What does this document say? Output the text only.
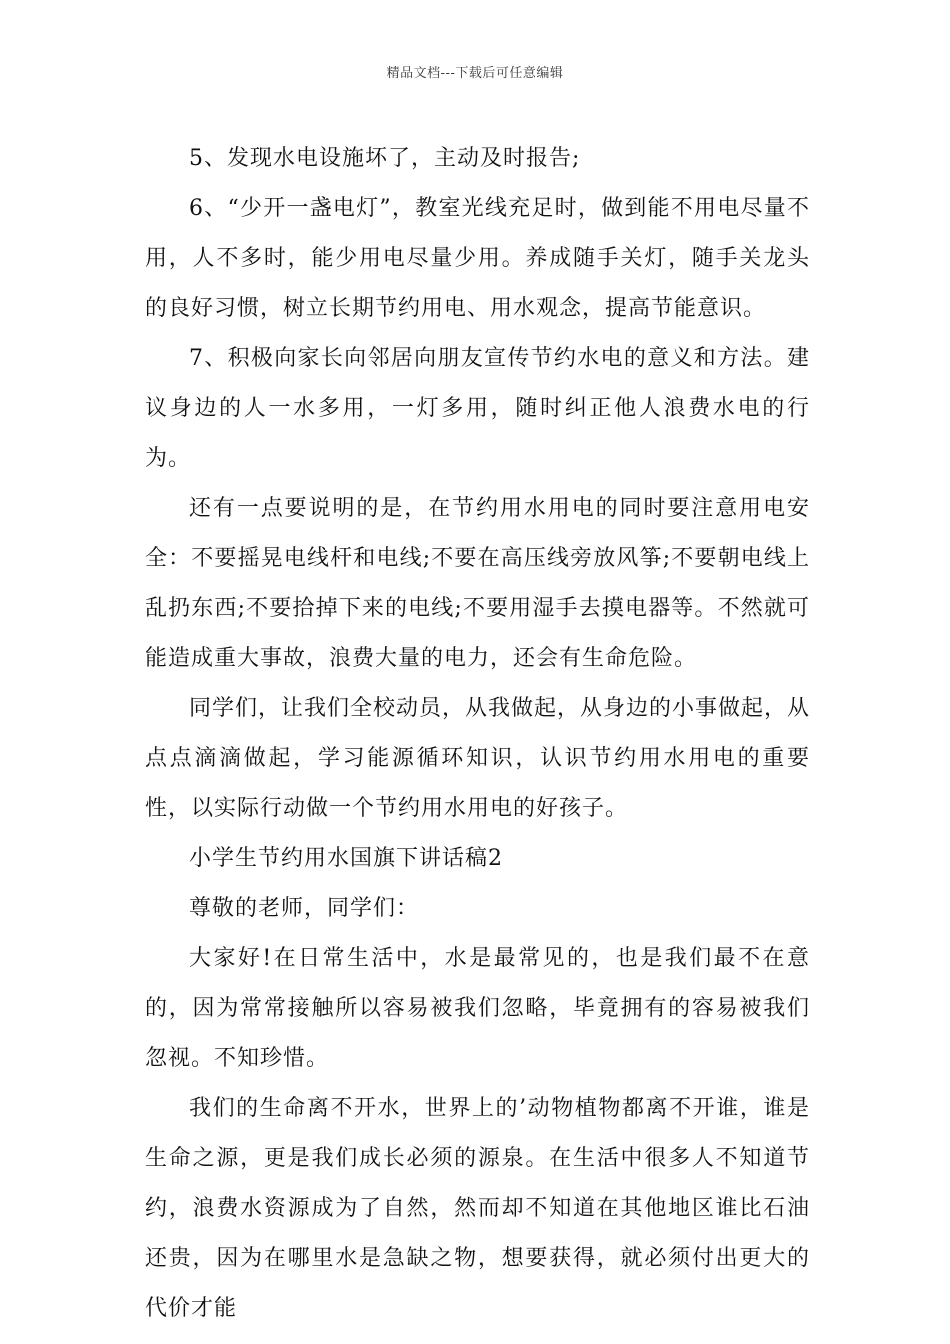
精品文档---下载后可任意编辑

5、发现水电设施坏了，主动及时报告;

6、“少开一盏电灯”，教室光线充足时，做到能不用电尽量不用，人不多时，能少用电尽量少用。养成随手关灯，随手关龙头的良好习惯，树立长期节约用电、用水观念，提高节能意识。

7、积极向家长向邻居向朋友宣传节约水电的意义和方法。建议身边的人一水多用，一灯多用，随时纠正他人浪费水电的行为。

还有一点要说明的是，在节约用水用电的同时要注意用电安全：不要摇晃电线杆和电线;不要在高压线旁放风筝;不要朝电线上乱扔东西;不要拾掉下来的电线;不要用湿手去摸电器等。不然就可能造成重大事故，浪费大量的电力，还会有生命危险。

同学们，让我们全校动员，从我做起，从身边的小事做起，从点点滴滴做起，学习能源循环知识，认识节约用水用电的重要性，以实际行动做一个节约用水用电的好孩子。

小学生节约用水国旗下讲话稿2

尊敬的老师，同学们：

大家好!在日常生活中，水是最常见的，也是我们最不在意的，因为常常接触所以容易被我们忽略，毕竟拥有的容易被我们忽视。不知珍惜。

我们的生命离不开水，世界上的’动物植物都离不开谁，谁是生命之源，更是我们成长必须的源泉。在生活中很多人不知道节约，浪费水资源成为了自然，然而却不知道在其他地区谁比石油还贵，因为在哪里水是急缺之物，想要获得，就必须付出更大的代价才能
